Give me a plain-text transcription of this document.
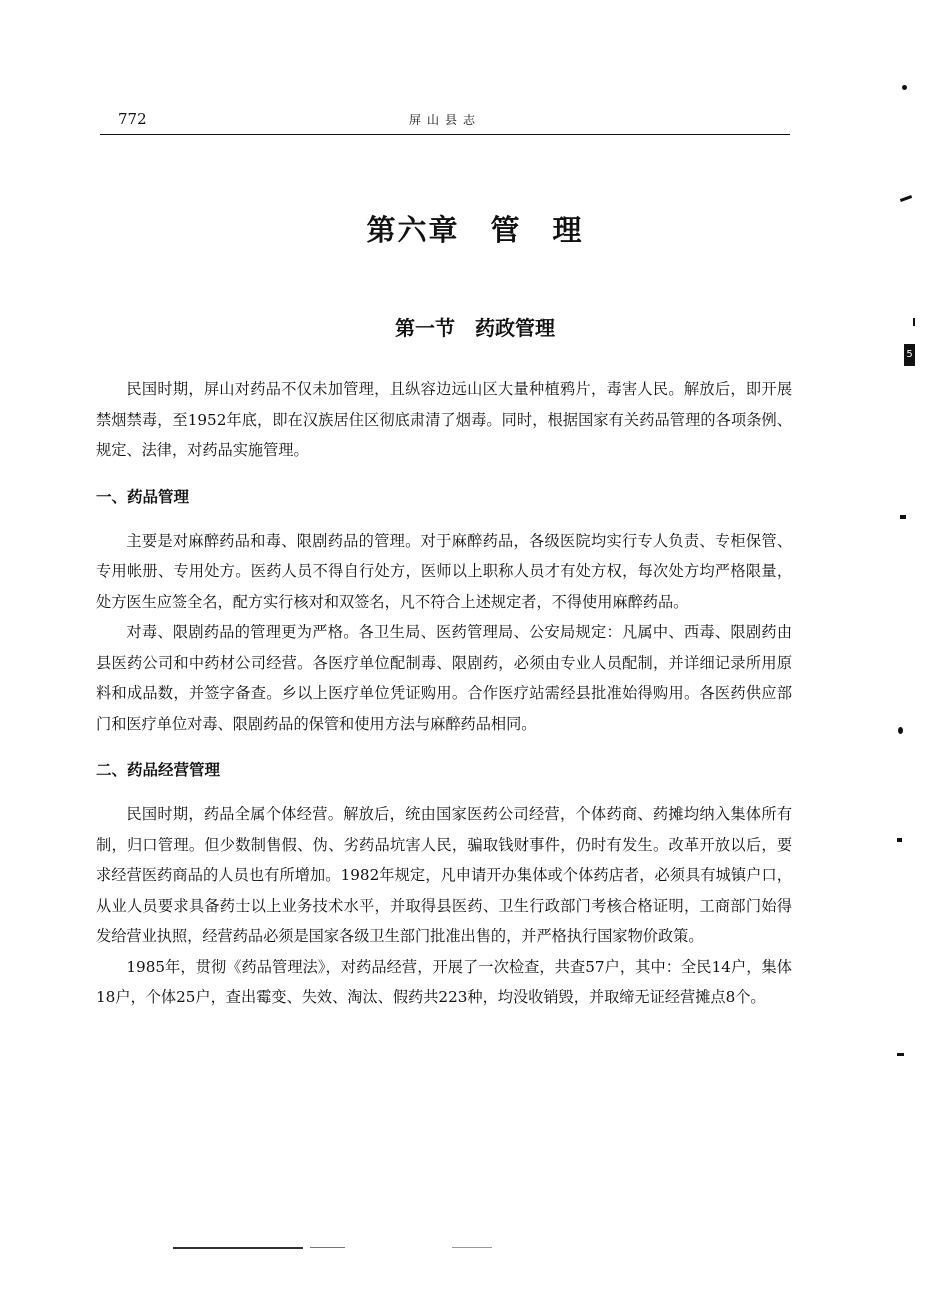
772	屏山县志
第六章　管　理
第一节　药政管理

民国时期，屏山对药品不仅未加管理，且纵容边远山区大量种植鸦片，毒害人民。解放后，即开展禁烟禁毒，至1952年底，即在汉族居住区彻底肃清了烟毒。同时，根据国家有关药品管理的各项条例、规定、法律，对药品实施管理。

一、药品管理

主要是对麻醉药品和毒、限剧药品的管理。对于麻醉药品，各级医院均实行专人负责、专柜保管、专用帐册、专用处方。医药人员不得自行处方，医师以上职称人员才有处方权，每次处方均严格限量，处方医生应签全名，配方实行核对和双签名，凡不符合上述规定者，不得使用麻醉药品。

对毒、限剧药品的管理更为严格。各卫生局、医药管理局、公安局规定：凡属中、西毒、限剧药由县医药公司和中药材公司经营。各医疗单位配制毒、限剧药，必须由专业人员配制，并详细记录所用原料和成品数，并签字备查。乡以上医疗单位凭证购用。合作医疗站需经县批准始得购用。各医药供应部门和医疗单位对毒、限剧药品的保管和使用方法与麻醉药品相同。

二、药品经营管理

民国时期，药品全属个体经营。解放后，统由国家医药公司经营，个体药商、药摊均纳入集体所有制，归口管理。但少数制售假、伪、劣药品坑害人民，骗取钱财事件，仍时有发生。改革开放以后，要求经营医药商品的人员也有所增加。1982年规定，凡申请开办集体或个体药店者，必须具有城镇户口，从业人员要求具备药士以上业务技术水平，并取得县医药、卫生行政部门考核合格证明，工商部门始得发给营业执照，经营药品必须是国家各级卫生部门批准出售的，并严格执行国家物价政策。

1985年，贯彻《药品管理法》，对药品经营，开展了一次检查，共查57户，其中：全民14户，集体18户，个体25户，查出霉变、失效、淘汰、假药共223种，均没收销毁，并取缔无证经营摊点8个。

5
